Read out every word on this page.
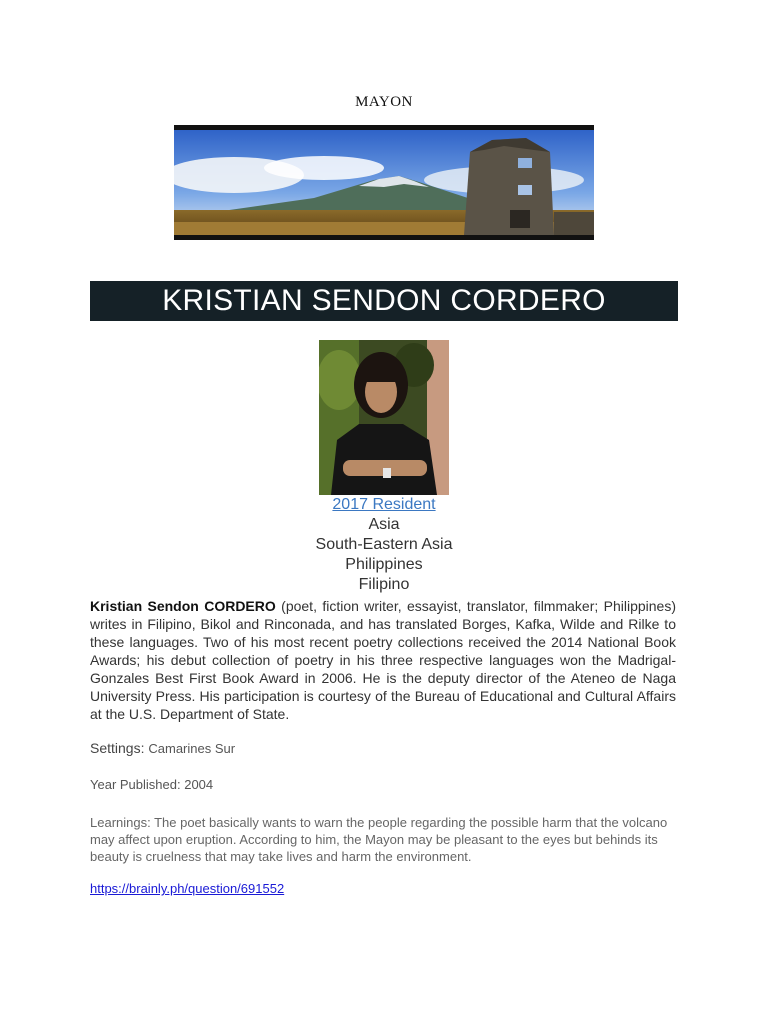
MAYON
KRISTIAN SENDON CORDERO
2017 Resident
Asia
South-Eastern Asia
Philippines
Filipino
Kristian Sendon CORDERO (poet, fiction writer, essayist, translator, filmmaker; Philippines) writes in Filipino, Bikol and Rinconada, and has translated Borges, Kafka, Wilde and Rilke to these languages. Two of his most recent poetry collections received the 2014 National Book Awards; his debut collection of poetry in his three respective languages won the Madrigal-Gonzales Best First Book Award in 2006. He is the deputy director of the Ateneo de Naga University Press. His participation is courtesy of the Bureau of Educational and Cultural Affairs at the U.S. Department of State.
Settings: Camarines Sur
Year Published: 2004
Learnings: The poet basically wants to warn the people regarding the possible harm that the volcano may affect upon eruption. According to him, the Mayon may be pleasant to the eyes but behinds its beauty is cruelness that may take lives and harm the environment.
https://brainly.ph/question/691552
